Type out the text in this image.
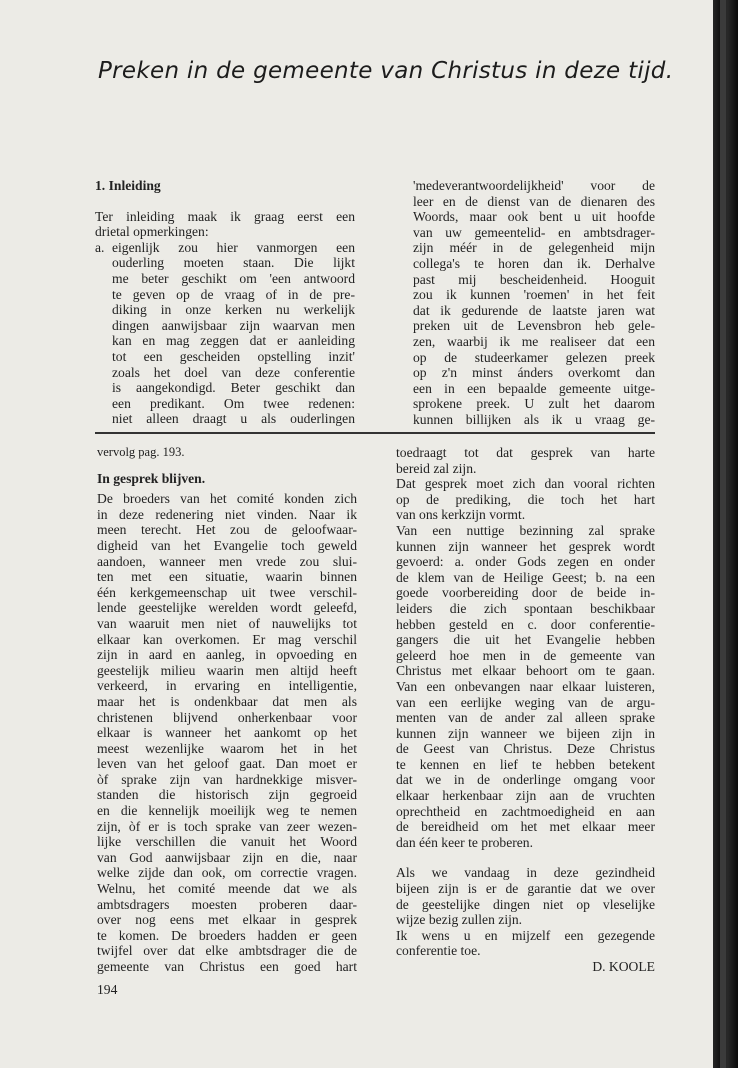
Preken in de gemeente van Christus in deze tijd.

1. Inleiding

Ter inleiding maak ik graag eerst een

drietal opmerkingen:

a. eigenlijk zou hier vanmorgen een

ouderling moeten staan. Die lijkt

me beter geschikt om 'een antwoord

te geven op de vraag of in de pre-

diking in onze kerken nu werkelijk

dingen aanwijsbaar zijn waarvan men

kan en mag zeggen dat er aanleiding

tot een gescheiden opstelling inzit'

zoals het doel van deze conferentie

is aangekondigd. Beter geschikt dan

een predikant. Om twee redenen:

niet alleen draagt u als ouderlingen

'medeverantwoordelijkheid' voor de

leer en de dienst van de dienaren des

Woords, maar ook bent u uit hoofde

van uw gemeentelid- en ambtsdrager-

zijn méér in de gelegenheid mijn

collega's te horen dan ik. Derhalve

past mij bescheidenheid. Hooguit

zou ik kunnen 'roemen' in het feit

dat ik gedurende de laatste jaren wat

preken uit de Levensbron heb gele-

zen, waarbij ik me realiseer dat een

op de studeerkamer gelezen preek

op z'n minst ánders overkomt dan

een in een bepaalde gemeente uitge-

sprokene preek. U zult het daarom

kunnen billijken als ik u vraag ge-

vervolg pag. 193.

In gesprek blijven.

De broeders van het comité konden zich

in deze redenering niet vinden. Naar ik

meen terecht. Het zou de geloofwaar-

digheid van het Evangelie toch geweld

aandoen, wanneer men vrede zou slui-

ten met een situatie, waarin binnen

één kerkgemeenschap uit twee verschil-

lende geestelijke werelden wordt geleefd,

van waaruit men niet of nauwelijks tot

elkaar kan overkomen. Er mag verschil

zijn in aard en aanleg, in opvoeding en

geestelijk milieu waarin men altijd heeft

verkeerd, in ervaring en intelligentie,

maar het is ondenkbaar dat men als

christenen blijvend onherkenbaar voor

elkaar is wanneer het aankomt op het

meest wezenlijke waarom het in het

leven van het geloof gaat. Dan moet er

òf sprake zijn van hardnekkige misver-

standen die historisch zijn gegroeid

en die kennelijk moeilijk weg te nemen

zijn, òf er is toch sprake van zeer wezen-

lijke verschillen die vanuit het Woord

van God aanwijsbaar zijn en die, naar

welke zijde dan ook, om correctie vragen.

Welnu, het comité meende dat we als

ambtsdragers moesten proberen daar-

over nog eens met elkaar in gesprek

te komen. De broeders hadden er geen

twijfel over dat elke ambtsdrager die de

gemeente van Christus een goed hart

toedraagt tot dat gesprek van harte

bereid zal zijn.

Dat gesprek moet zich dan vooral richten

op de prediking, die toch het hart

van ons kerkzijn vormt.

Van een nuttige bezinning zal sprake

kunnen zijn wanneer het gesprek wordt

gevoerd: a. onder Gods zegen en onder

de klem van de Heilige Geest; b. na een

goede voorbereiding door de beide in-

leiders die zich spontaan beschikbaar

hebben gesteld en c. door conferentie-

gangers die uit het Evangelie hebben

geleerd hoe men in de gemeente van

Christus met elkaar behoort om te gaan.

Van een onbevangen naar elkaar luisteren,

van een eerlijke weging van de argu-

menten van de ander zal alleen sprake

kunnen zijn wanneer we bijeen zijn in

de Geest van Christus. Deze Christus

te kennen en lief te hebben betekent

dat we in de onderlinge omgang voor

elkaar herkenbaar zijn aan de vruchten

oprechtheid en zachtmoedigheid en aan

de bereidheid om het met elkaar meer

dan één keer te proberen.

Als we vandaag in deze gezindheid

bijeen zijn is er de garantie dat we over

de geestelijke dingen niet op vleselijke

wijze bezig zullen zijn.

Ik wens u en mijzelf een gezegende

conferentie toe.

D. KOOLE

194
